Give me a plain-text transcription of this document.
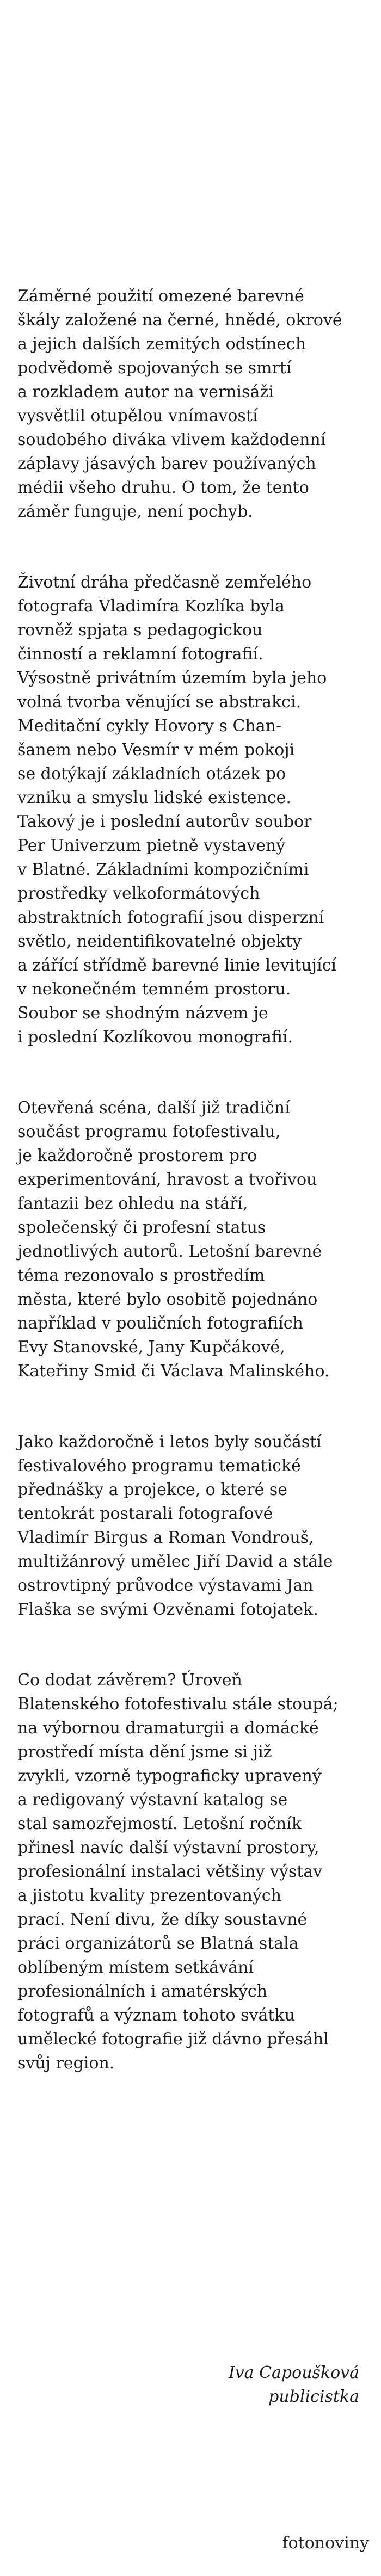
Záměrné použití omezené barevné
škály založené na černé, hnědé, okrové
a jejich dalších zemitých odstínech
podvědomě spojovaných se smrtí
a rozkladem autor na vernisáži
vysvětlil otupělou vnímavostí
soudobého diváka vlivem každodenní
záplavy jásavých barev používaných
médii všeho druhu. O tom, že tento
záměr funguje, není pochyb.

Životní dráha předčasně zemřelého
fotografa Vladimíra Kozlíka byla
rovněž spjata s pedagogickou
činností a reklamní fotografií.
Výsostně privátním územím byla jeho
volná tvorba věnující se abstrakci.
Meditační cykly Hovory s Chan-
šanem nebo Vesmír v mém pokoji
se dotýkají základních otázek po
vzniku a smyslu lidské existence.
Takový je i poslední autorův soubor
Per Univerzum pietně vystavený
v Blatné. Základními kompozičními
prostředky velkoformátových
abstraktních fotografií jsou disperzní
světlo, neidentifikovatelné objekty
a zářící střídmě barevné linie levitující
v nekonečném temném prostoru.
Soubor se shodným názvem je
i poslední Kozlíkovou monografií.

Otevřená scéna, další již tradiční
součást programu fotofestivalu,
je každoročně prostorem pro
experimentování, hravost a tvořivou
fantazii bez ohledu na stáří,
společenský či profesní status
jednotlivých autorů. Letošní barevné
téma rezonovalo s prostředím
města, které bylo osobitě pojednáno
například v pouličních fotografiích
Evy Stanovské, Jany Kupčákové,
Kateřiny Smid či Václava Malinského.

Jako každoročně i letos byly součástí
festivalového programu tematické
přednášky a projekce, o které se
tentokrát postarali fotografové
Vladimír Birgus a Roman Vondrouš,
multižánrový umělec Jiří David a stále
ostrovtipný průvodce výstavami Jan
Flaška se svými Ozvěnami fotojatek.

Co dodat závěrem? Úroveň
Blatenského fotofestivalu stále stoupá;
na výbornou dramaturgii a domácké
prostředí místa dění jsme si již
zvykli, vzorně typograficky upravený
a redigovaný výstavní katalog se
stal samozřejmostí. Letošní ročník
přinesl navíc další výstavní prostory,
profesionální instalaci většiny výstav
a jistotu kvality prezentovaných
prací. Není divu, že díky soustavné
práci organizátorů se Blatná stala
oblíbeným místem setkávání
profesionálních i amatérských
fotografů a význam tohoto svátku
umělecké fotografie již dávno přesáhl
svůj region.

Iva Capoušková
publicistka
fotonoviny
